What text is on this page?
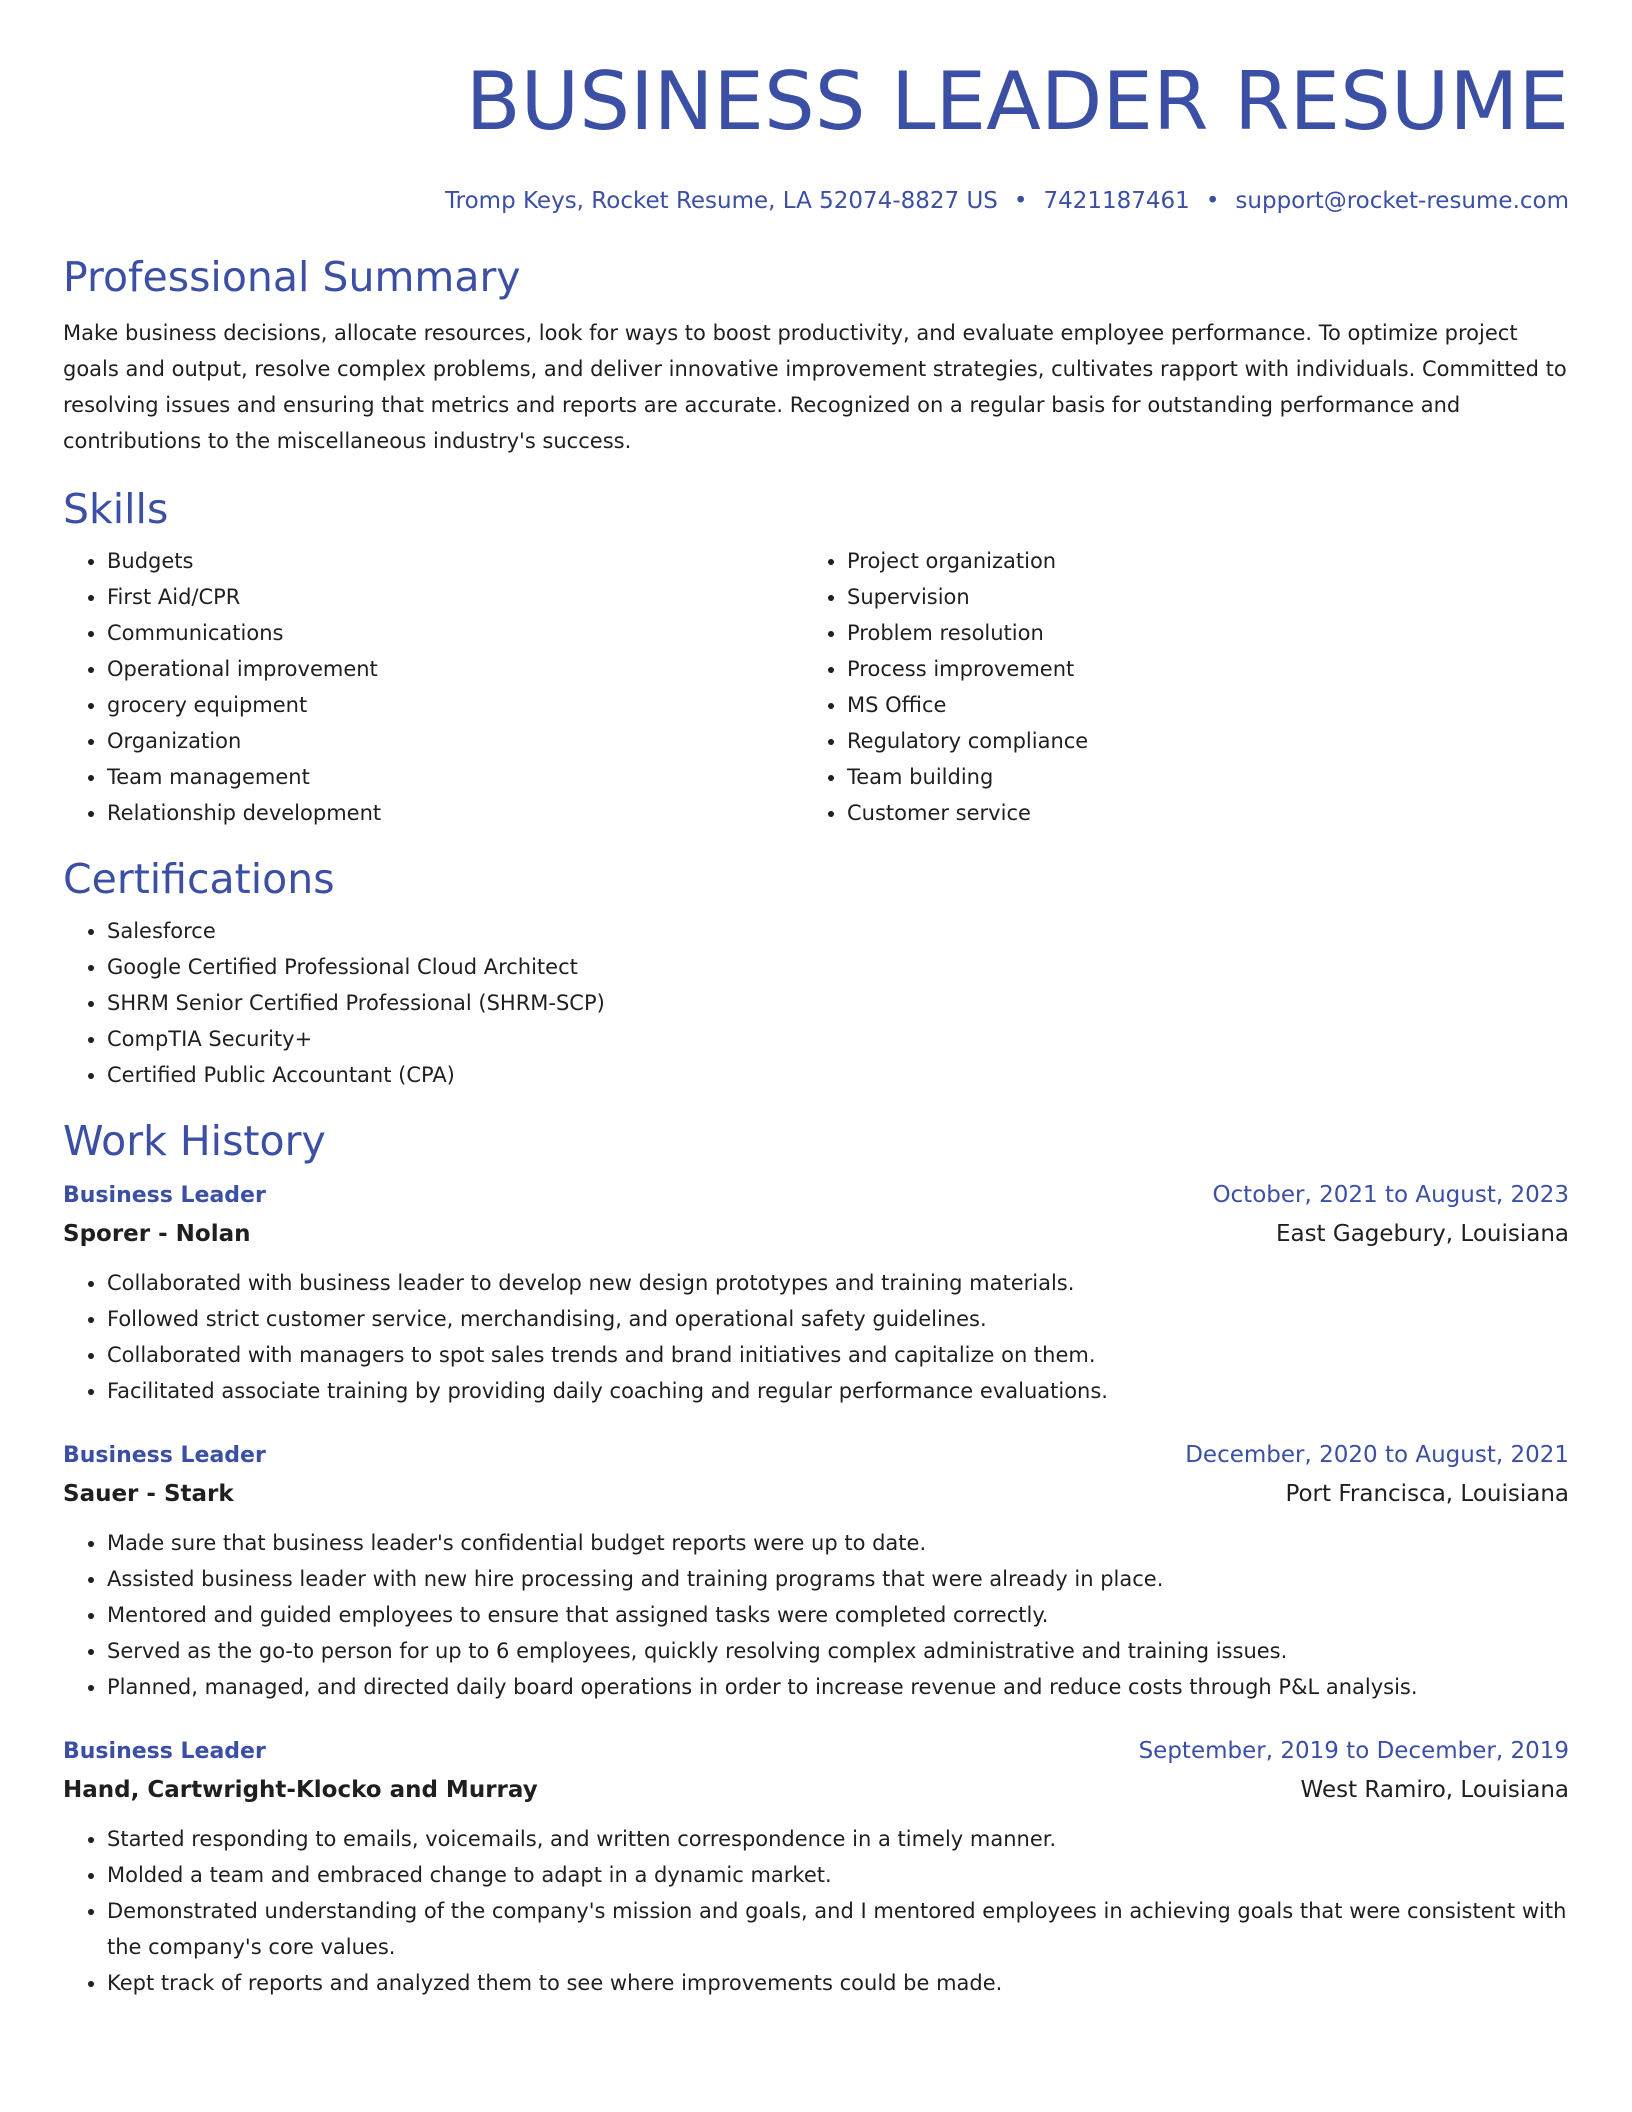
BUSINESS LEADER RESUME
Tromp Keys, Rocket Resume, LA 52074-8827 US • 7421187461 • support@rocket-resume.com
Professional Summary

Make business decisions, allocate resources, look for ways to boost productivity, and evaluate employee performance. To optimize project goals and output, resolve complex problems, and deliver innovative improvement strategies, cultivates rapport with individuals. Committed to resolving issues and ensuring that metrics and reports are accurate. Recognized on a regular basis for outstanding performance and contributions to the miscellaneous industry's success.

Skills
• Budgets
• First Aid/CPR
• Communications
• Operational improvement
• grocery equipment
• Organization
• Team management
• Relationship development
• Project organization
• Supervision
• Problem resolution
• Process improvement
• MS Office
• Regulatory compliance
• Team building
• Customer service
Certifications
• Salesforce
• Google Certified Professional Cloud Architect
• SHRM Senior Certified Professional (SHRM-SCP)
• CompTIA Security+
• Certified Public Accountant (CPA)
Work History
Business Leader	October, 2021 to August, 2023
Sporer - Nolan	East Gagebury, Louisiana
• Collaborated with business leader to develop new design prototypes and training materials.
• Followed strict customer service, merchandising, and operational safety guidelines.
• Collaborated with managers to spot sales trends and brand initiatives and capitalize on them.
• Facilitated associate training by providing daily coaching and regular performance evaluations.
Business Leader	December, 2020 to August, 2021
Sauer - Stark	Port Francisca, Louisiana
• Made sure that business leader's confidential budget reports were up to date.
• Assisted business leader with new hire processing and training programs that were already in place.
• Mentored and guided employees to ensure that assigned tasks were completed correctly.
• Served as the go-to person for up to 6 employees, quickly resolving complex administrative and training issues.
• Planned, managed, and directed daily board operations in order to increase revenue and reduce costs through P&L analysis.
Business Leader	September, 2019 to December, 2019
Hand, Cartwright-Klocko and Murray	West Ramiro, Louisiana
• Started responding to emails, voicemails, and written correspondence in a timely manner.
• Molded a team and embraced change to adapt in a dynamic market.
• Demonstrated understanding of the company's mission and goals, and I mentored employees in achieving goals that were consistent with the company's core values.
• Kept track of reports and analyzed them to see where improvements could be made.
